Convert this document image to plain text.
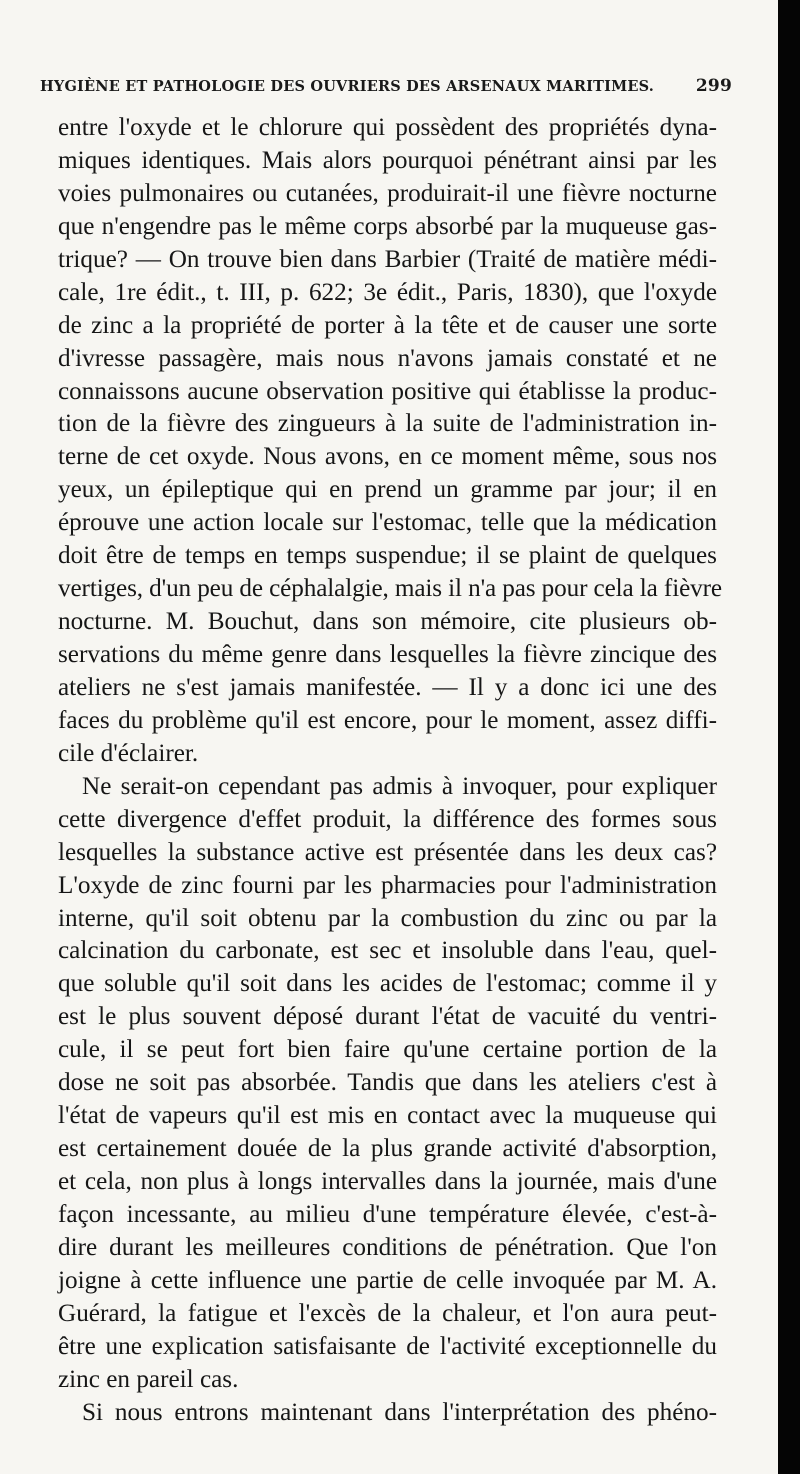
HYGIÈNE ET PATHOLOGIE DES OUVRIERS DES ARSENAUX MARITIMES. 299
entre l'oxyde et le chlorure qui possèdent des propriétés dyna-
miques identiques. Mais alors pourquoi pénétrant ainsi par les
voies pulmonaires ou cutanées, produirait-il une fièvre nocturne
que n'engendre pas le même corps absorbé par la muqueuse gas-
trique? — On trouve bien dans Barbier (Traité de matière médi-
cale, 1re édit., t. III, p. 622; 3e édit., Paris, 1830), que l'oxyde
de zinc a la propriété de porter à la tête et de causer une sorte
d'ivresse passagère, mais nous n'avons jamais constaté et ne
connaissons aucune observation positive qui établisse la produc-
tion de la fièvre des zingueurs à la suite de l'administration in-
terne de cet oxyde. Nous avons, en ce moment même, sous nos
yeux, un épileptique qui en prend un gramme par jour; il en
éprouve une action locale sur l'estomac, telle que la médication
doit être de temps en temps suspendue; il se plaint de quelques
vertiges, d'un peu de céphalalgie, mais il n'a pas pour cela la fièvre
nocturne. M. Bouchut, dans son mémoire, cite plusieurs ob-
servations du même genre dans lesquelles la fièvre zincique des
ateliers ne s'est jamais manifestée. — Il y a donc ici une des
faces du problème qu'il est encore, pour le moment, assez diffi-
cile d'éclairer.
Ne serait-on cependant pas admis à invoquer, pour expliquer
cette divergence d'effet produit, la différence des formes sous
lesquelles la substance active est présentée dans les deux cas?
L'oxyde de zinc fourni par les pharmacies pour l'administration
interne, qu'il soit obtenu par la combustion du zinc ou par la
calcination du carbonate, est sec et insoluble dans l'eau, quel-
que soluble qu'il soit dans les acides de l'estomac; comme il y
est le plus souvent déposé durant l'état de vacuité du ventri-
cule, il se peut fort bien faire qu'une certaine portion de la
dose ne soit pas absorbée. Tandis que dans les ateliers c'est à
l'état de vapeurs qu'il est mis en contact avec la muqueuse qui
est certainement douée de la plus grande activité d'absorption,
et cela, non plus à longs intervalles dans la journée, mais d'une
façon incessante, au milieu d'une température élevée, c'est-à-
dire durant les meilleures conditions de pénétration. Que l'on
joigne à cette influence une partie de celle invoquée par M. A.
Guérard, la fatigue et l'excès de la chaleur, et l'on aura peut-
être une explication satisfaisante de l'activité exceptionnelle du
zinc en pareil cas.
Si nous entrons maintenant dans l'interprétation des phéno-
